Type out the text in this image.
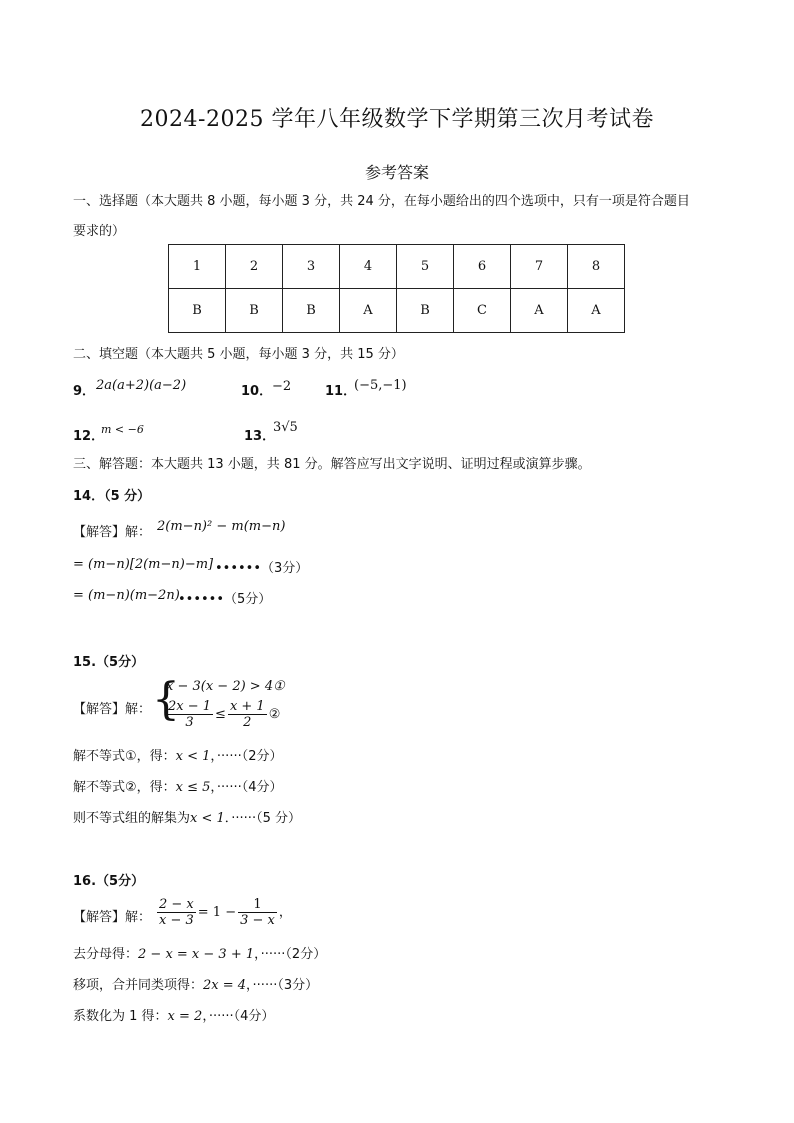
2024-2025 学年八年级数学下学期第三次月考试卷
参考答案
一、选择题（本大题共 8 小题，每小题 3 分，共 24 分，在每小题给出的四个选项中，只有一项是符合题目
要求的）
1	2	3	4	5	6	7	8
B	B	B	A	B	C	A	A
二、填空题（本大题共 5 小题，每小题 3 分，共 15 分）
9． 2a(a+2)(a−2)	10． −2	11．
(−5,−1)
12．
m < −6	13．
3√5
三、解答题：本大题共 13 小题，共 81 分。解答应写出文字说明、证明过程或演算步骤。
14．（5 分）
【解答】解： 2(m−n)² − m(m−n)
= (m−n)[2(m−n)−m] ••••••（3分）
= (m−n)(m−2n)
••••••（5分）
15.（5分）
【解答】解： {
x − 3(x − 2) > 4①
$\frac{2x - 1}{3} \le \frac{x + 1}{2}$ ②
解不等式①，得：x < 1，······（2分）
解不等式②，得：x ≤ 5，······（4分）
则不等式组的解集为x < 1．······（5 分）
16.（5分）
【解答】解： $\frac{2 - x}{x - 3} = 1 - \frac{1}{3 - x}$ ，
去分母得：2 − x = x − 3 + 1，······（2分）
移项，合并同类项得：2x = 4，······（3分）
系数化为 1 得：x = 2，······（4分）
